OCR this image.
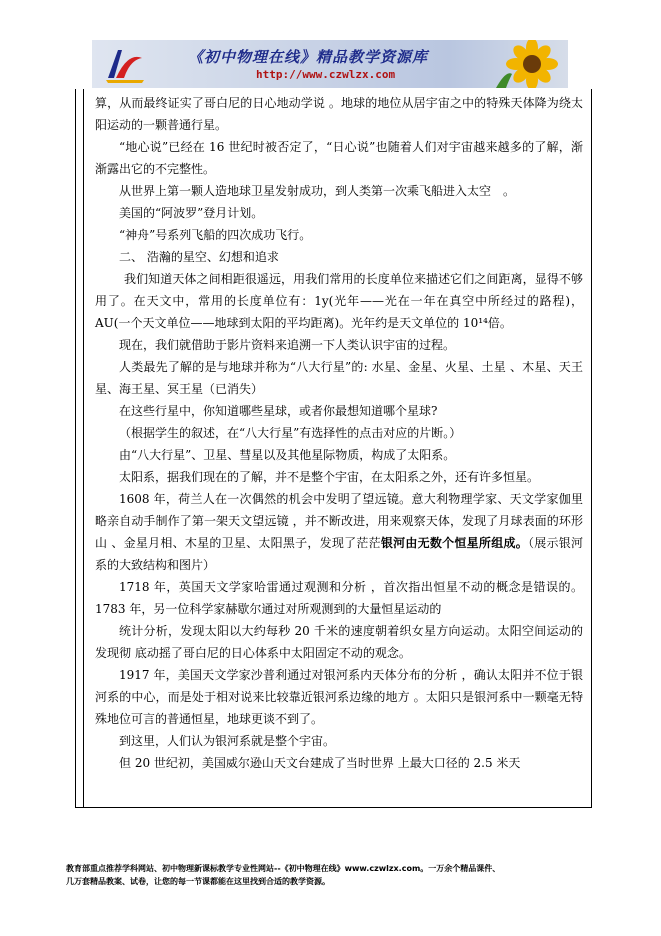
《初中物理在线》精品教学资源库
http://www.czwlzx.com

算，从而最终证实了哥白尼的日心地动学说 。地球的地位从居宇宙之中的特殊天体降为绕太阳运动的一颗普通行星。

“地心说”已经在 16 世纪时被否定了，“日心说”也随着人们对宇宙越来越多的了解，渐渐露出它的不完整性。

从世界上第一颗人造地球卫星发射成功，到人类第一次乘飞船进入太空　。

美国的“阿波罗”登月计划。

“神舟”号系列飞船的四次成功飞行。

二、 浩瀚的星空、幻想和追求

我们知道天体之间相距很遥远，用我们常用的长度单位来描述它们之间距离，显得不够用了。在天文中，常用的长度单位有：1y(光年——光在一年在真空中所经过的路程)，AU(一个天文单位——地球到太阳的平均距离)。光年约是天文单位的 10¹⁴倍。

现在，我们就借助于影片资料来追溯一下人类认识宇宙的过程。

人类最先了解的是与地球并称为“八大行星”的: 水星、金星、火星、土星 、木星、天王星、海王星、冥王星（已消失）

在这些行星中，你知道哪些星球，或者你最想知道哪个星球?

（根据学生的叙述，在“八大行星”有选择性的点击对应的片断。）

由“八大行星”、卫星、彗星以及其他星际物质，构成了太阳系。

太阳系，据我们现在的了解，并不是整个宇宙，在太阳系之外，还有许多恒星。

1608 年，荷兰人在一次偶然的机会中发明了望远镜。意大利物理学家、天文学家伽里略亲自动手制作了第一架天文望远镜 ，并不断改进，用来观察天体，发现了月球表面的环形山 、金星月相、木星的卫星、太阳黑子，发现了茫茫银河由无数个恒星所组成。（展示银河系的大致结构和图片）

1718 年，英国天文学家哈雷通过观测和分析 ，首次指出恒星不动的概念是错误的。1783 年，另一位科学家赫歇尔通过对所观测到的大量恒星运动的

统计分析，发现太阳以大约每秒 20 千米的速度朝着织女星方向运动。太阳空间运动的发现彻 底动摇了哥白尼的日心体系中太阳固定不动的观念。

1917 年，美国天文学家沙普利通过对银河系内天体分布的分析 ，确认太阳并不位于银河系的中心，而是处于相对说来比较靠近银河系边缘的地方 。太阳只是银河系中一颗毫无特殊地位可言的普通恒星，地球更谈不到了。

到这里，人们认为银河系就是整个宇宙。

但 20 世纪初，美国威尔逊山天文台建成了当时世界 上最大口径的 2.5 米天

教育部重点推荐学科网站、初中物理新课标教学专业性网站--《初中物理在线》www.czwlzx.com。一万余个精品课件、

几万套精品教案、试卷，让您的每一节课都能在这里找到合适的教学资源。
